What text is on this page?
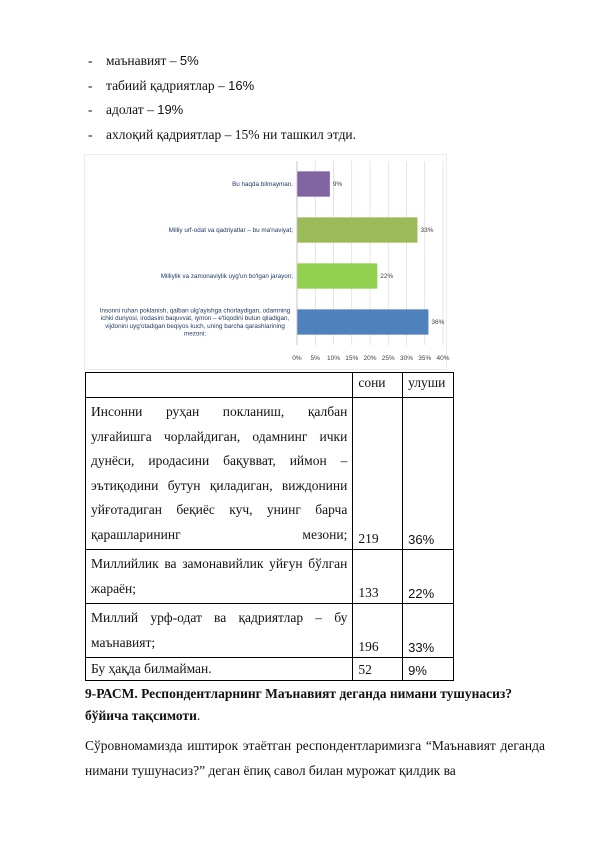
- маънавият – 5%
- табиий қадриятлар – 16%
- адолат – 19%
- ахлоқий қадриятлар – 15% ни ташкил этди.
0% 5% 10% 15% 20% 25% 30% 35% 40%
36%
Insonni ruhan poklanish, qalban ulg'ayishga chorlaydigan, odamning
ichki dunyosi, irodasini baquvvat, iymon – e'tiqodini butun qiladigan,
vijdonini uyg'otadigan beqiyos kuch, uning barcha qarashlarining
mezoni;
22%
Milliylik va zamonaviylik uyg'un bo'lgan jarayon;
33%
Milliy urf-odat va qadriyatlar – bu ma'naviyat;
9%
Bu haqda bilmayman.
	сони	улуши
Инсонни руҳан покланиш, қалбан улғайишга чорлайдиган, одамнинг ички дунёси, иродасини бақувват, иймон – эътиқодини бутун қиладиган, виждонини уйғотадиган беқиёс куч, унинг барча қарашларининг мезони;	219	36%
Миллийлик ва замонавийлик уйғун бўлган жараён;	133	22%
Миллий урф-одат ва қадриятлар – бу маънавият;	196	33%
Бу ҳақда билмайман.	52	9%
9-РАСМ. Респондентларнинг Маънавият деганда нимани тушунасиз? бўйича тақсимоти.
Сўровномамизда иштирок этаётган респондентларимизга “Маънавият деганда нимани тушунасиз?” деган ёпиқ савол билан мурожат қилдик ва
